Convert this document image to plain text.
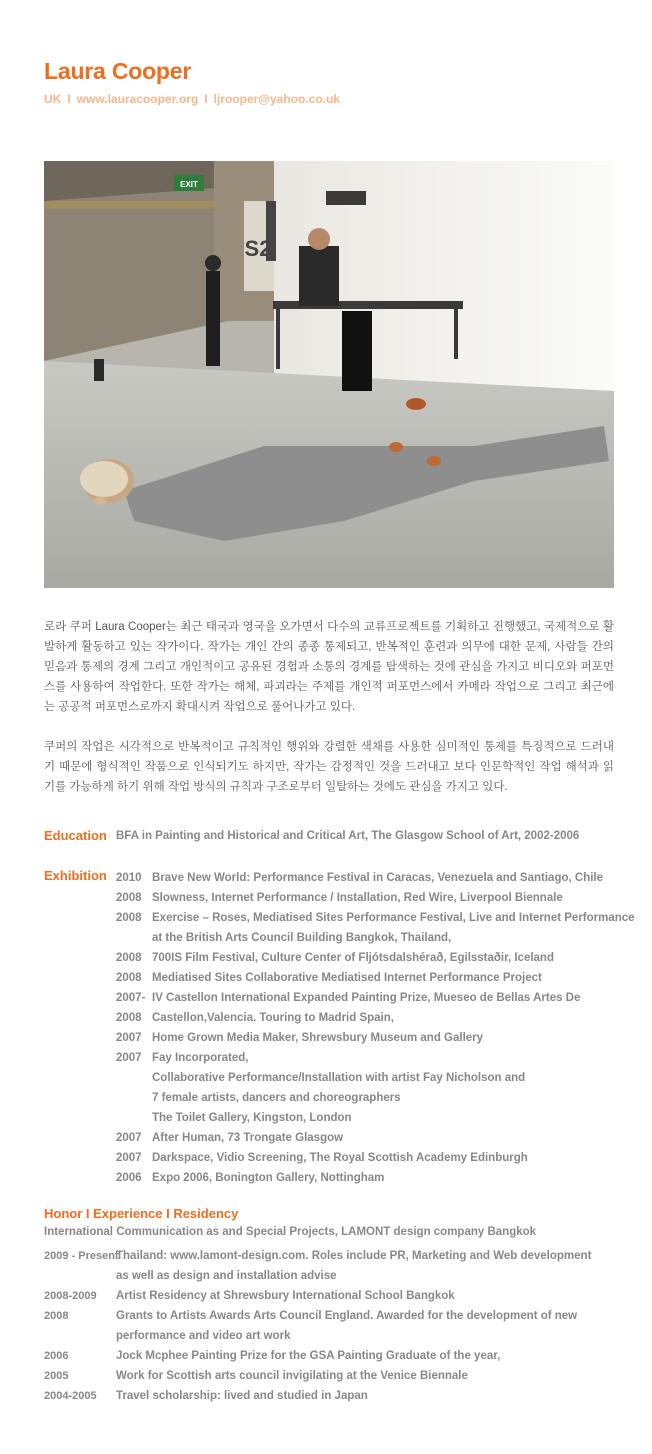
Laura Cooper
UK I www.lauracooper.org I ljrooper@yahoo.co.uk
EXIT
S2

로라 쿠퍼 Laura Cooper는 최근 태국과 영국을 오가면서 다수의 교류프로젝트를 기획하고 진행했고, 국제적으로 활발하게 활동하고 있는 작가이다. 작가는 개인 간의 종종 통제되고, 반복적인 훈련과 의무에 대한 문제, 사람들 간의 믿음과 통제의 경계 그리고 개인적이고 공유된 경험과 소통의 경계를 탐색하는 것에 관심을 가지고 비디오와 퍼포먼스를 사용하여 작업한다. 또한 작가는 해체, 파괴라는 주제를 개인적 퍼포먼스에서 카메라 작업으로 그리고 최근에는 공공적 퍼포먼스로까지 확대시켜 작업으로 풀어나가고 있다.

쿠퍼의 작업은 시각적으로 반복적이고 규칙적인 행위와 강렬한 색채를 사용한 심미적인 통제를 특징적으로 드러내기 때문에 형식적인 작품으로 인식되기도 하지만, 작가는 감정적인 것을 드러내고 보다 인문학적인 작업 해석과 읽기를 가능하게 하기 위해 작업 방식의 규칙과 구조로부터 일탈하는 것에도 관심을 가지고 있다.

Education BFA in Painting and Historical and Critical Art, The Glasgow School of Art, 2002-2006
Exhibition 2010 Brave New World: Performance Festival in Caracas, Venezuela and Santiago, Chile
2008 Slowness, Internet Performance / Installation, Red Wire, Liverpool Biennale
2008 Exercise – Roses, Mediatised Sites Performance Festival, Live and Internet Performance
at the British Arts Council Building Bangkok, Thailand,
2008 700IS Film Festival, Culture Center of Fljótsdalshérað, Egilsstaðir, Iceland
2008 Mediatised Sites Collaborative Mediatised Internet Performance Project
2007- IV Castellon International Expanded Painting Prize, Mueseo de Bellas Artes De
2008 Castellon,Valencia. Touring to Madrid Spain,
2007 Home Grown Media Maker, Shrewsbury Museum and Gallery
2007 Fay Incorporated,
Collaborative Performance/Installation with artist Fay Nicholson and
7 female artists, dancers and choreographers
The Toilet Gallery, Kingston, London
2007 After Human, 73 Trongate Glasgow
2007 Darkspace, Vidio Screening, The Royal Scottish Academy Edinburgh
2006 Expo 2006, Bonington Gallery, Nottingham
Honor I Experience I Residency
International Communication as and Special Projects, LAMONT design company Bangkok
2009 - Present
Thailand: www.lamont-design.com. Roles include PR, Marketing and Web development
as well as design and installation advise
2008-2009	Artist Residency at Shrewsbury International School Bangkok
2008	Grants to Artists Awards Arts Council England. Awarded for the development of new
performance and video art work
2006	Jock Mcphee Painting Prize for the GSA Painting Graduate of the year,
2005	Work for Scottish arts council invigilating at the Venice Biennale
2004-2005	Travel scholarship: lived and studied in Japan
